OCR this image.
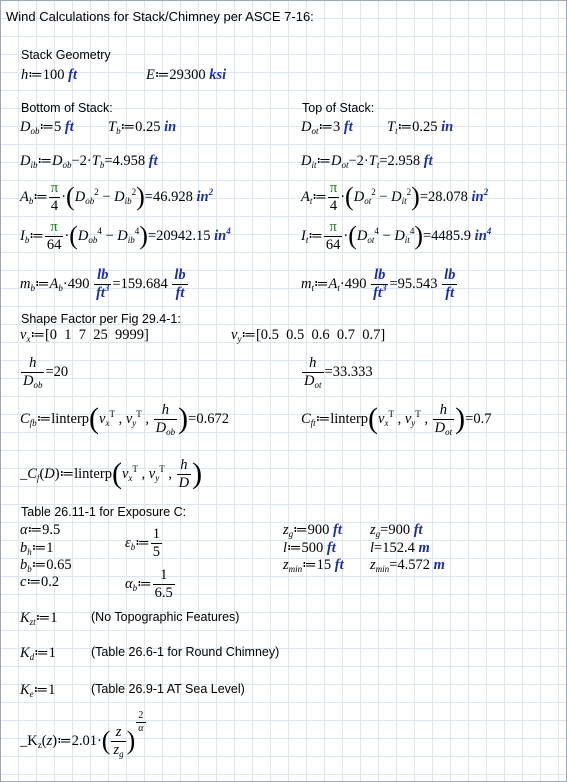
Wind Calculations for Stack/Chimney per ASCE 7-16:
Stack Geometry
h≔100 ft	E≔29300 ksi
Bottom of Stack:	Top of Stack:
$D_{ob}≔5$ ft $T_b≔0.25$ in	$D_{ot}≔3$ ft $T_t≔0.25$ in
$D_{ib}≔D_{ob}-2\cdot T_b=4.958$ ft	$D_{it}≔D_{ot}-2\cdot T_t=2.958$ ft
$A_b≔ \frac{\pi}{4} \cdot(D_{ob}^2 - D_{ib}^2)=46.928$ $in^2$	$A_t≔ \frac{\pi}{4} \cdot(D_{ot}^2 - D_{it}^2)=28.078$ $in^2$
$I_b≔ \frac{\pi}{64} \cdot(D_{ob}^4 - D_{ib}^4)=20942.15$ $in^4$	$I_t≔ \frac{\pi}{64} \cdot(D_{ot}^4 - D_{it}^4)=4485.9$ $in^4$
$m_b≔A_b\cdot 490 \frac{lb}{ft^3} =159.684 \frac{lb}{ft}$	$m_t≔A_t\cdot 490 \frac{lb}{ft^3} =95.543 \frac{lb}{ft}$
Shape Factor per Fig 29.4-1:
$v_x≔[0$  1  7  25  9999]	$v_y≔[0.5$  0.5  0.6  0.7  0.7]
h
$D_{ob}$
=20
h
$D_{ot}$
=33.333
$C_{fb}≔linterp(v_x^T$ , $v_y^T$ ,
h
$D_{ob}$ )=0.672	$C_{ft}≔linterp(v_x^T$ , $v_y^T$ ,
h
$D_{ot}$ )=0.7
$\_C_f(D)≔linterp(v_x^T$ , $v_y^T$ , $\frac{h}{D}$ )
Table 26.11-1 for Exposure C:
α≔9.5
$b_h≔1$
$b_b≔0.65$
c≔0.2
$\varepsilon_b≔ \frac{1}{5}$
$\alpha_b≔ \frac{1}{6.5}$
$z_g≔900$ ft
l≔500 ft
$z_{min}≔15$ ft
$z_g=900$ ft
l=152.4 m
$z_{min}=4.572$ m
$K_{zt}≔1$	(No Topographic Features)
$K_d≔1$	(Table 26.6-1 for Round Chimney)
$K_e≔1$	(Table 26.9-1 AT Sea Level)
$\_K_z(z)≔2.01\cdot( \frac{z}{z_g}$ )
$\frac{2}{\alpha}$
